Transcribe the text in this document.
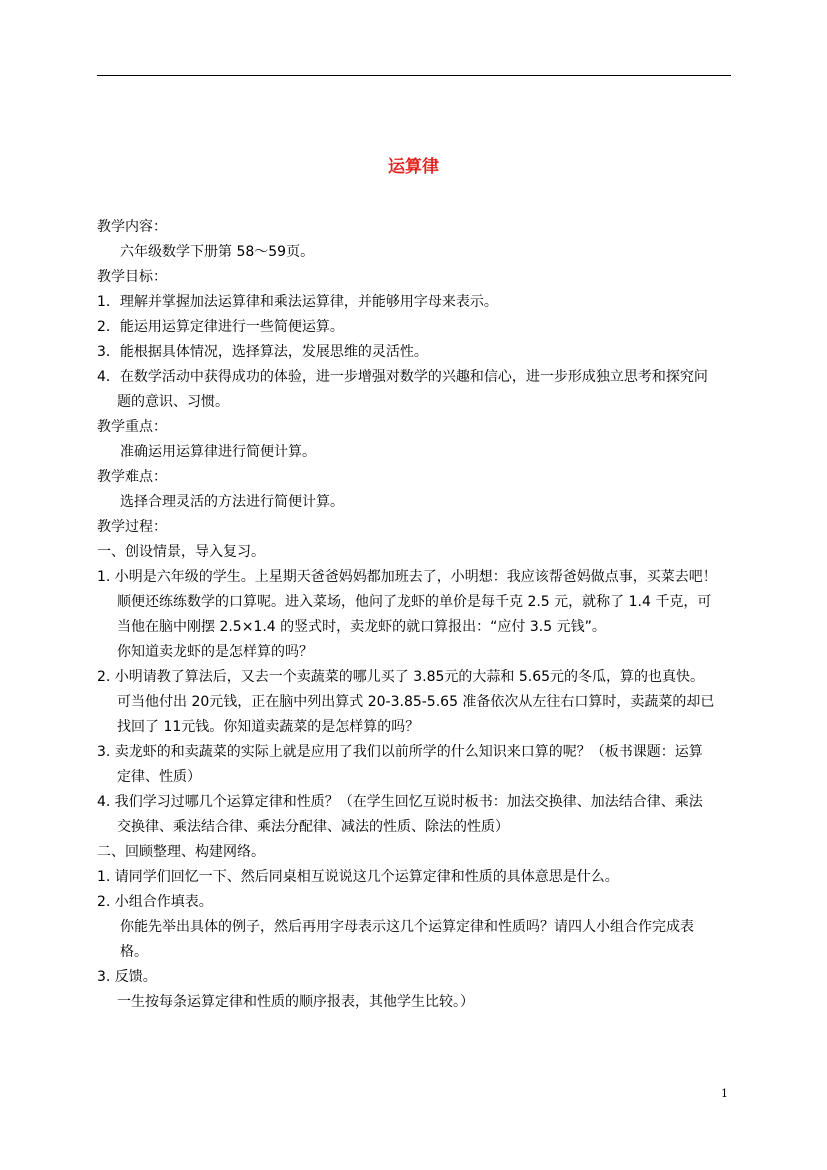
运算律
教学内容：
六年级数学下册第 58～59页。
教学目标：
1．理解并掌握加法运算律和乘法运算律，并能够用字母来表示。
2．能运用运算定律进行一些简便运算。
3．能根据具体情况，选择算法，发展思维的灵活性。
4．在数学活动中获得成功的体验，进一步增强对数学的兴趣和信心，进一步形成独立思考和探究问
题的意识、习惯。
教学重点：
准确运用运算律进行简便计算。
教学难点：
选择合理灵活的方法进行简便计算。
教学过程：
一、创设情景，导入复习。
1. 小明是六年级的学生。上星期天爸爸妈妈都加班去了，小明想：我应该帮爸妈做点事，买菜去吧！
顺便还练练数学的口算呢。进入菜场，他问了龙虾的单价是每千克 2.5 元，就称了 1.4 千克，可
当他在脑中刚摆 2.5×1.4 的竖式时，卖龙虾的就口算报出：“应付 3.5 元钱”。
你知道卖龙虾的是怎样算的吗？
2. 小明请教了算法后，又去一个卖蔬菜的哪儿买了 3.85元的大蒜和 5.65元的冬瓜，算的也真快。
可当他付出 20元钱，正在脑中列出算式 20-3.85-5.65 准备依次从左往右口算时，卖蔬菜的却已
找回了 11元钱。你知道卖蔬菜的是怎样算的吗？
3. 卖龙虾的和卖蔬菜的实际上就是应用了我们以前所学的什么知识来口算的呢？（板书课题：运算
定律、性质）
4. 我们学习过哪几个运算定律和性质？（在学生回忆互说时板书：加法交换律、加法结合律、乘法
交换律、乘法结合律、乘法分配律、减法的性质、除法的性质）
二、回顾整理、构建网络。
1. 请同学们回忆一下、然后同桌相互说说这几个运算定律和性质的具体意思是什么。
2. 小组合作填表。
你能先举出具体的例子，然后再用字母表示这几个运算定律和性质吗？请四人小组合作完成表
格。
3. 反馈。
一生按每条运算定律和性质的顺序报表，其他学生比较。）
1
